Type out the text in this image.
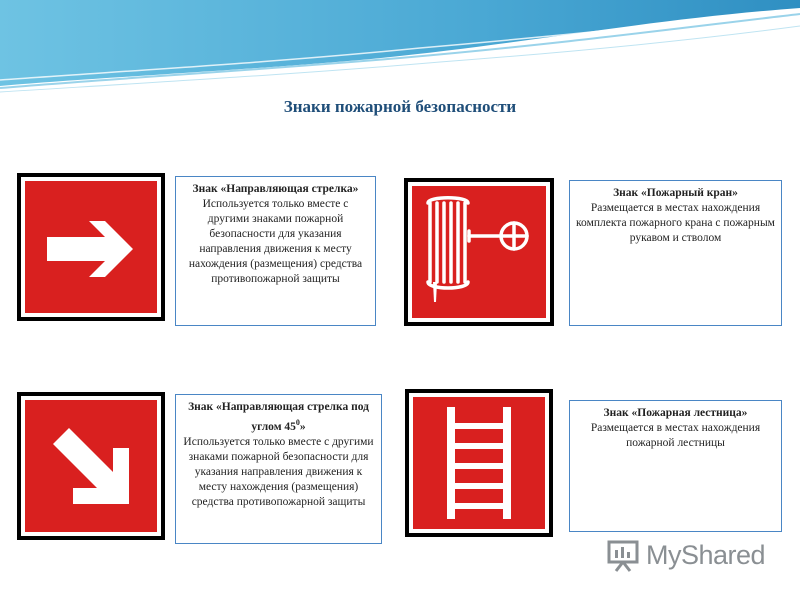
Знаки пожарной безопасности
Знак «Направляющая стрелка»
Используется только вместе с другими знаками пожарной безопасности для указания направления движения к месту нахождения (размещения) средства противопожарной защиты
Знак «Пожарный кран»
Размещается в местах нахождения комплекта пожарного крана с пожарным рукавом и стволом
Знак «Направляющая стрелка под углом $45^0$»
Используется только вместе с другими знаками пожарной безопасности для указания направления движения к месту нахождения (размещения) средства противопожарной защиты
Знак «Пожарная лестница»
Размещается в местах нахождения пожарной лестницы
MyShared
